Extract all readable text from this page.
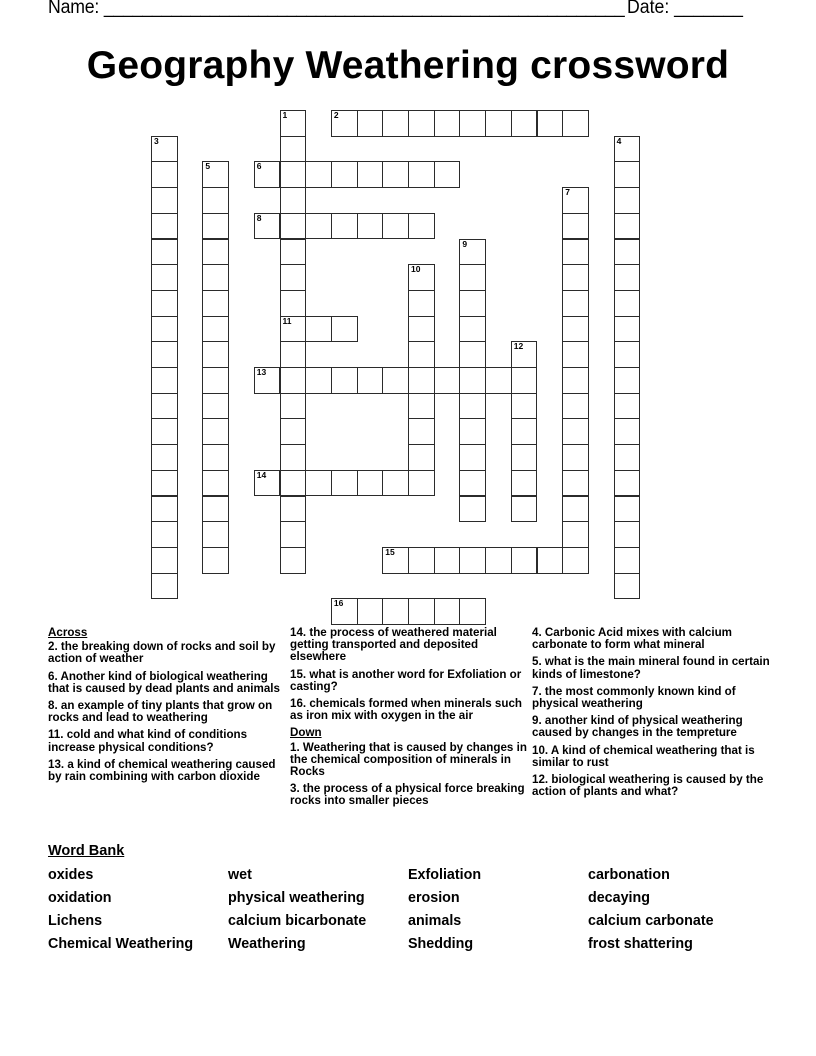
Name: ______________________________________________________ Date: _______
Geography Weathering crossword
1
11
2
3	4
5	6
7
8
9
10
12
13
14
15
16
Across
2. the breaking down of rocks and soil by action of weather
6. Another kind of biological weathering that is caused by dead plants and animals
8. an example of tiny plants that grow on rocks and lead to weathering
11. cold and what kind of conditions increase physical conditions?
13. a kind of chemical weathering caused by rain combining with carbon dioxide
14. the process of weathered material getting transported and deposited elsewhere
15. what is another word for Exfoliation or casting?
16. chemicals formed when minerals such as iron mix with oxygen in the air
Down
1. Weathering that is caused by changes in the chemical composition of minerals in Rocks
3. the process of a physical force breaking rocks into smaller pieces
4. Carbonic Acid mixes with calcium carbonate to form what mineral
5. what is the main mineral found in certain kinds of limestone?
7. the most commonly known kind of physical weathering
9. another kind of physical weathering caused by changes in the tempreture
10. A kind of chemical weathering that is similar to rust
12. biological weathering is caused by the action of plants and what?
Word Bank
oxides	wet	Exfoliation	carbonation
oxidation	physical weathering	erosion	decaying
Lichens	calcium bicarbonate	animals	calcium carbonate
Chemical Weathering	Weathering	Shedding	frost shattering
